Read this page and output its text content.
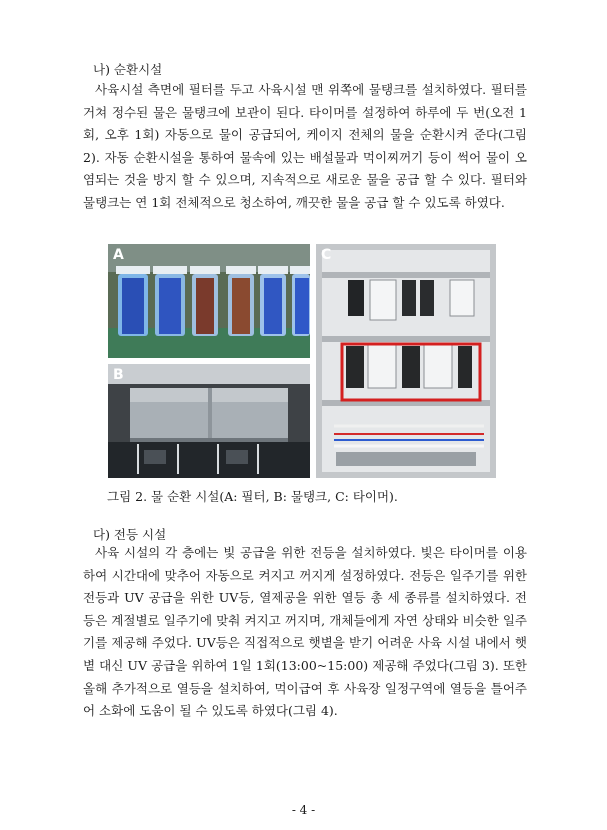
나) 순환시설

사육시설 측면에 필터를 두고 사육시설 맨 위쪽에 물탱크를 설치하였다. 필터를 거쳐 정수된 물은 물탱크에 보관이 된다. 타이머를 설정하여 하루에 두 번(오전 1회, 오후 1회) 자동으로 물이 공급되어, 케이지 전체의 물을 순환시켜 준다(그림 2). 자동 순환시설을 통하여 물속에 있는 배설물과 먹이찌꺼기 등이 썩어 물이 오염되는 것을 방지 할 수 있으며, 지속적으로 새로운 물을 공급 할 수 있다. 필터와 물탱크는 연 1회 전체적으로 청소하여, 깨끗한 물을 공급 할 수 있도록 하였다.

A
B
C
그림 2. 물 순환 시설(A: 필터, B: 물탱크, C: 타이머).
다) 전등 시설

사육 시설의 각 층에는 빛 공급을 위한 전등을 설치하였다. 빛은 타이머를 이용하여 시간대에 맞추어 자동으로 켜지고 꺼지게 설정하였다. 전등은 일주기를 위한 전등과 UV 공급을 위한 UV등, 열제공을 위한 열등 총 세 종류를 설치하였다. 전등은 계절별로 일주기에 맞춰 켜지고 꺼지며, 개체들에게 자연 상태와 비슷한 일주기를 제공해 주었다. UV등은 직접적으로 햇볕을 받기 어려운 사육 시설 내에서 햇볕 대신 UV 공급을 위하여 1일 1회(13:00~15:00) 제공해 주었다(그림 3). 또한 올해 추가적으로 열등을 설치하여, 먹이급여 후 사육장 일정구역에 열등을 틀어주어 소화에 도움이 될 수 있도록 하였다(그림 4).

- 4 -
